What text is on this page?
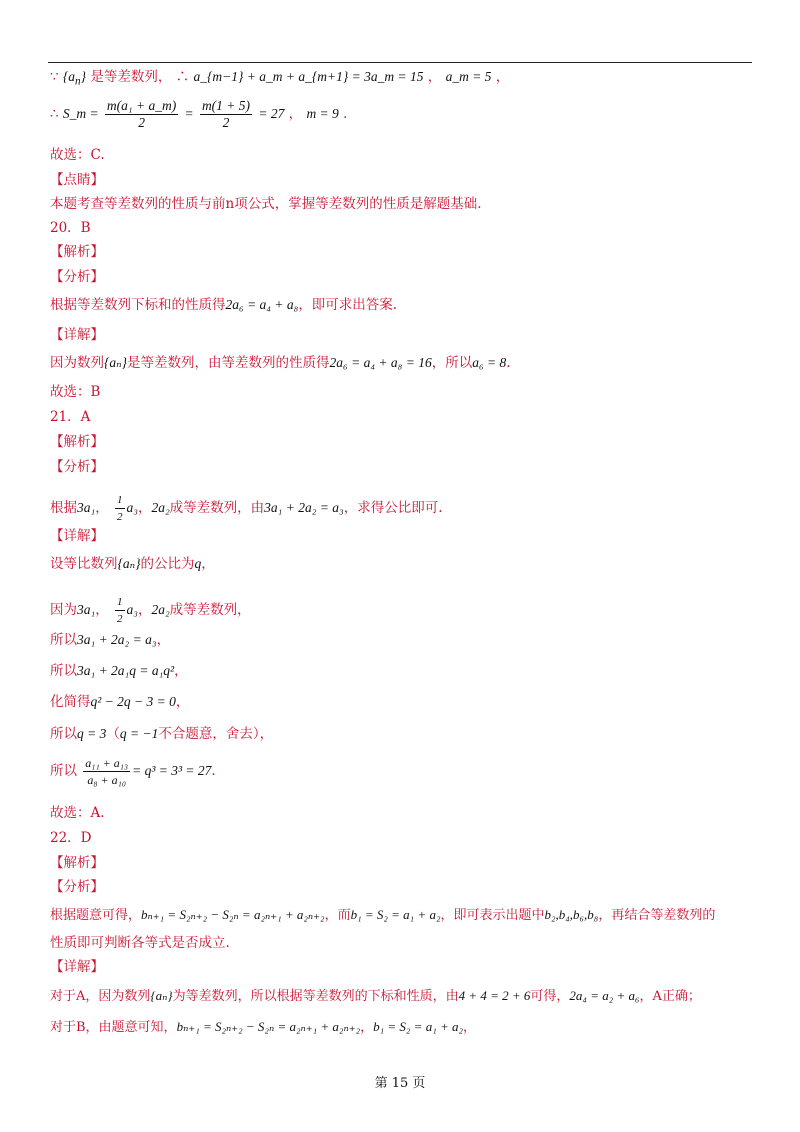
∵ $\{a_n\}$ 是等差数列， ∴ a_{m−1} + a_m + a_{m+1} = 3a_m = 15 ， a_m = 5 ，
∴ S_m = $\frac{\text{m(a₁ + a\_m)}}{2} = \frac{m(1 + 5)}{2} = 27$ ， m = 9 ．
故选：C.
【点睛】
本题考查等差数列的性质与前n项公式，掌握等差数列的性质是解题基础.
20．B
【解析】
【分析】
根据等差数列下标和的性质得2a₆ = a₄ + a₈，即可求出答案.
【详解】
因为数列{aₙ}是等差数列，由等差数列的性质得2a₆ = a₄ + a₈ = 16，所以a₆ = 8.
故选：B
21．A
【解析】
【分析】
根据3a₁， $\frac{1}{2} a_3$，2a₂成等差数列，由3a₁ + 2a₂ = a₃，求得公比即可.
【详解】
设等比数列{aₙ}的公比为q，
因为3a₁， $\frac{1}{2} a_3$，2a₂成等差数列，
所以3a₁ + 2a₂ = a₃，
所以3a₁ + 2a₁q = a₁q²，
化简得q² − 2q − 3 = 0，
所以q = 3（q = −1不合题意，舍去），
所以 $\frac{\text{a₁₁ + a₁₃}}{\text{a₈ + a₁₀}} = q^3 = 3^3 = 27$.
故选：A.
22．D
【解析】
【分析】
根据题意可得，bₙ₊₁ = S₂ₙ₊₂ − S₂ₙ = a₂ₙ₊₁ + a₂ₙ₊₂，而b₁ = S₂ = a₁ + a₂，即可表示出题中b₂,b₄,b₆,b₈，再结合等差数列的
性质即可判断各等式是否成立.
【详解】
对于A，因为数列{aₙ}为等差数列，所以根据等差数列的下标和性质，由4 + 4 = 2 + 6可得，2a₄ = a₂ + a₆，A正确；
对于B，由题意可知，bₙ₊₁ = S₂ₙ₊₂ − S₂ₙ = a₂ₙ₊₁ + a₂ₙ₊₂，b₁ = S₂ = a₁ + a₂，
第 15 页
